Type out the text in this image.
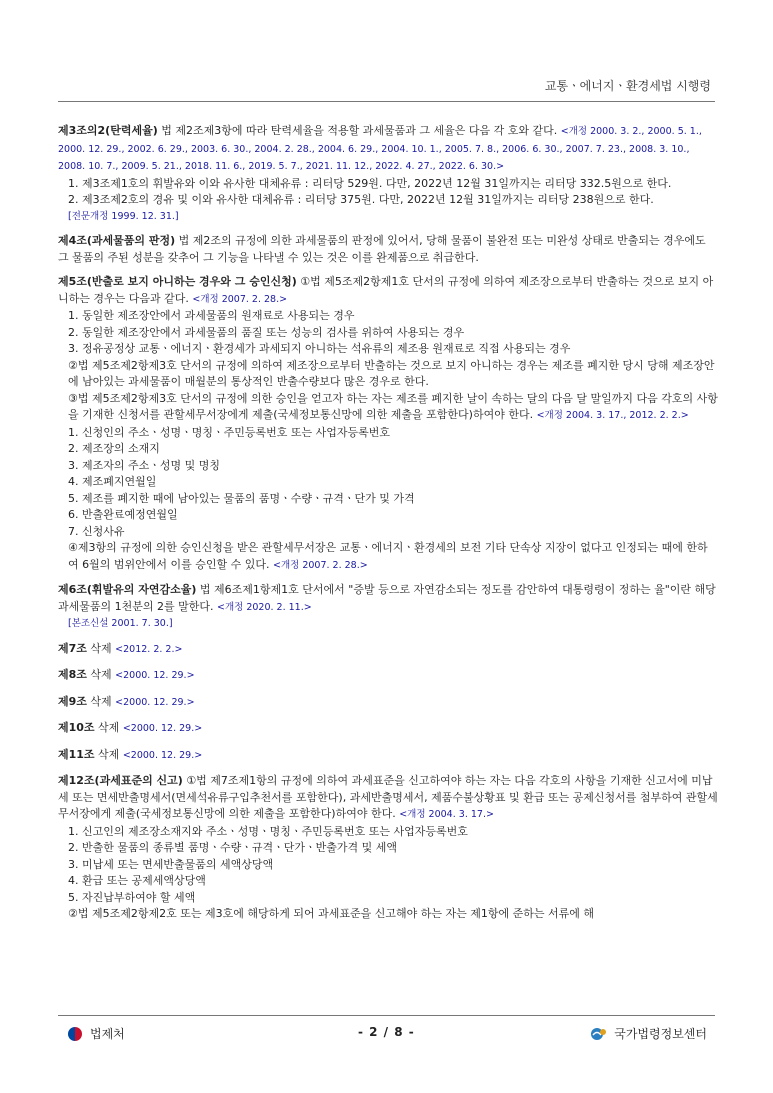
교통ㆍ에너지ㆍ환경세법 시행령
제3조의2(탄력세율) 법 제2조제3항에 따라 탄력세율을 적용할 과세물품과 그 세율은 다음 각 호와 같다. <개정 2000. 3. 2., 2000. 5. 1., 2000. 12. 29., 2002. 6. 29., 2003. 6. 30., 2004. 2. 28., 2004. 6. 29., 2004. 10. 1., 2005. 7. 8., 2006. 6. 30., 2007. 7. 23., 2008. 3. 10., 2008. 10. 7., 2009. 5. 21., 2018. 11. 6., 2019. 5. 7., 2021. 11. 12., 2022. 4. 27., 2022. 6. 30.>
1. 제3조제1호의 휘발유와 이와 유사한 대체유류 : 리터당 529원. 다만, 2022년 12월 31일까지는 리터당 332.5원으로 한다.
2. 제3조제2호의 경유 및 이와 유사한 대체유류 : 리터당 375원. 다만, 2022년 12월 31일까지는 리터당 238원으로 한다.
[전문개정 1999. 12. 31.]
제4조(과세물품의 판정) 법 제2조의 규정에 의한 과세물품의 판정에 있어서, 당해 물품이 불완전 또는 미완성 상태로 반출되는 경우에도 그 물품의 주된 성분을 갖추어 그 기능을 나타낼 수 있는 것은 이를 완제품으로 취급한다.
제5조(반출로 보지 아니하는 경우와 그 승인신청) ①법 제5조제2항제1호 단서의 규정에 의하여 제조장으로부터 반출하는 것으로 보지 아니하는 경우는 다음과 같다. <개정 2007. 2. 28.>
1. 동일한 제조장안에서 과세물품의 원재료로 사용되는 경우
2. 동일한 제조장안에서 과세물품의 품질 또는 성능의 검사를 위하여 사용되는 경우
3. 정유공정상 교통ㆍ에너지ㆍ환경세가 과세되지 아니하는 석유류의 제조용 원재료로 직접 사용되는 경우
②법 제5조제2항제3호 단서의 규정에 의하여 제조장으로부터 반출하는 것으로 보지 아니하는 경우는 제조를 폐지한 당시 당해 제조장안에 남아있는 과세물품이 매월분의 통상적인 반출수량보다 많은 경우로 한다.
③법 제5조제2항제3호 단서의 규정에 의한 승인을 얻고자 하는 자는 제조를 폐지한 날이 속하는 달의 다음 달 말일까지 다음 각호의 사항을 기재한 신청서를 관할세무서장에게 제출(국세정보통신망에 의한 제출을 포함한다)하여야 한다. <개정 2004. 3. 17., 2012. 2. 2.>
1. 신청인의 주소ㆍ성명ㆍ명칭ㆍ주민등록번호 또는 사업자등록번호
2. 제조장의 소재지
3. 제조자의 주소ㆍ성명 및 명칭
4. 제조폐지연월일
5. 제조를 폐지한 때에 남아있는 물품의 품명ㆍ수량ㆍ규격ㆍ단가 및 가격
6. 반출완료예정연월일
7. 신청사유
④제3항의 규정에 의한 승인신청을 받은 관할세무서장은 교통ㆍ에너지ㆍ환경세의 보전 기타 단속상 지장이 없다고 인정되는 때에 한하여 6월의 범위안에서 이를 승인할 수 있다. <개정 2007. 2. 28.>
제6조(휘발유의 자연감소율) 법 제6조제1항제1호 단서에서 "증발 등으로 자연감소되는 정도를 감안하여 대통령령이 정하는 율"이란 해당 과세물품의 1천분의 2를 말한다. <개정 2020. 2. 11.>
[본조신설 2001. 7. 30.]
제7조 삭제 <2012. 2. 2.>
제8조 삭제 <2000. 12. 29.>
제9조 삭제 <2000. 12. 29.>
제10조 삭제 <2000. 12. 29.>
제11조 삭제 <2000. 12. 29.>
제12조(과세표준의 신고) ①법 제7조제1항의 규정에 의하여 과세표준을 신고하여야 하는 자는 다음 각호의 사항을 기재한 신고서에 미납세 또는 면세반출명세서(면세석유류구입추천서를 포함한다), 과세반출명세서, 제품수불상황표 및 환급 또는 공제신청서를 첨부하여 관할세무서장에게 제출(국세정보통신망에 의한 제출을 포함한다)하여야 한다. <개정 2004. 3. 17.>
1. 신고인의 제조장소재지와 주소ㆍ성명ㆍ명칭ㆍ주민등록번호 또는 사업자등록번호
2. 반출한 물품의 종류별 품명ㆍ수량ㆍ규격ㆍ단가ㆍ반출가격 및 세액
3. 미납세 또는 면세반출물품의 세액상당액
4. 환급 또는 공제세액상당액
5. 자진납부하여야 할 세액
②법 제5조제2항제2호 또는 제3호에 해당하게 되어 과세표준을 신고해야 하는 자는 제1항에 준하는 서류에 해
법제처	- 2 / 8 -	국가법령정보센터
